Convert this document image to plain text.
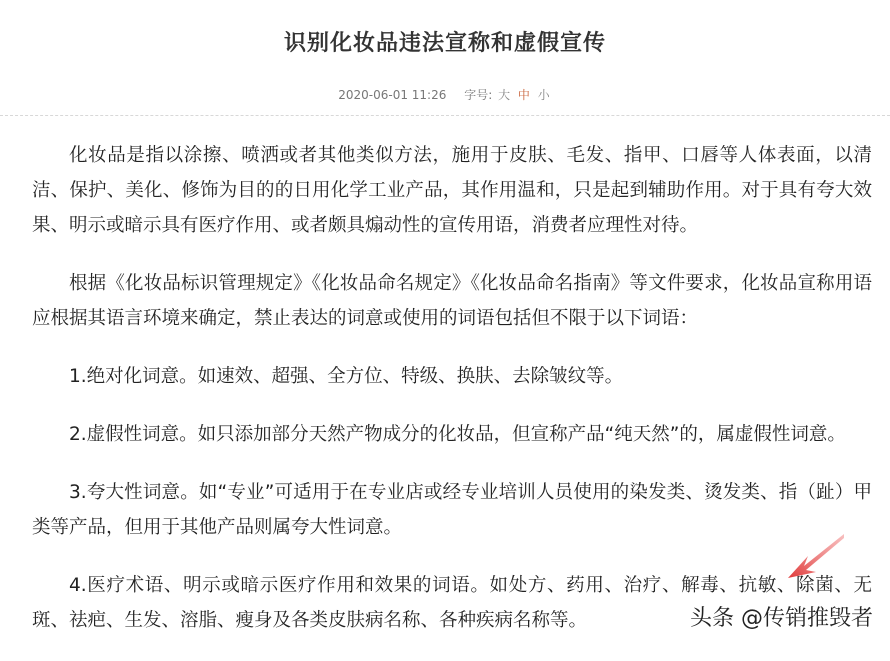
识别化妆品违法宣称和虚假宣传
2020-06-01 11:26 字号: 大 中 小

化妆品是指以涂擦、喷洒或者其他类似方法，施用于皮肤、毛发、指甲、口唇等人体表面，以清洁、保护、美化、修饰为目的的日用化学工业产品，其作用温和，只是起到辅助作用。对于具有夸大效果、明示或暗示具有医疗作用、或者颇具煽动性的宣传用语，消费者应理性对待。

根据《化妆品标识管理规定》《化妆品命名规定》《化妆品命名指南》等文件要求，化妆品宣称用语应根据其语言环境来确定，禁止表达的词意或使用的词语包括但不限于以下词语：

1.绝对化词意。如速效、超强、全方位、特级、换肤、去除皱纹等。

2.虚假性词意。如只添加部分天然产物成分的化妆品，但宣称产品“纯天然”的，属虚假性词意。

3.夸大性词意。如“专业”可适用于在专业店或经专业培训人员使用的染发类、烫发类、指（趾）甲类等产品，但用于其他产品则属夸大性词意。

4.医疗术语、明示或暗示医疗作用和效果的词语。如处方、药用、治疗、解毒、抗敏、除菌、无斑、祛疤、生发、溶脂、瘦身及各类皮肤病名称、各种疾病名称等。	头条 @传销推毁者
